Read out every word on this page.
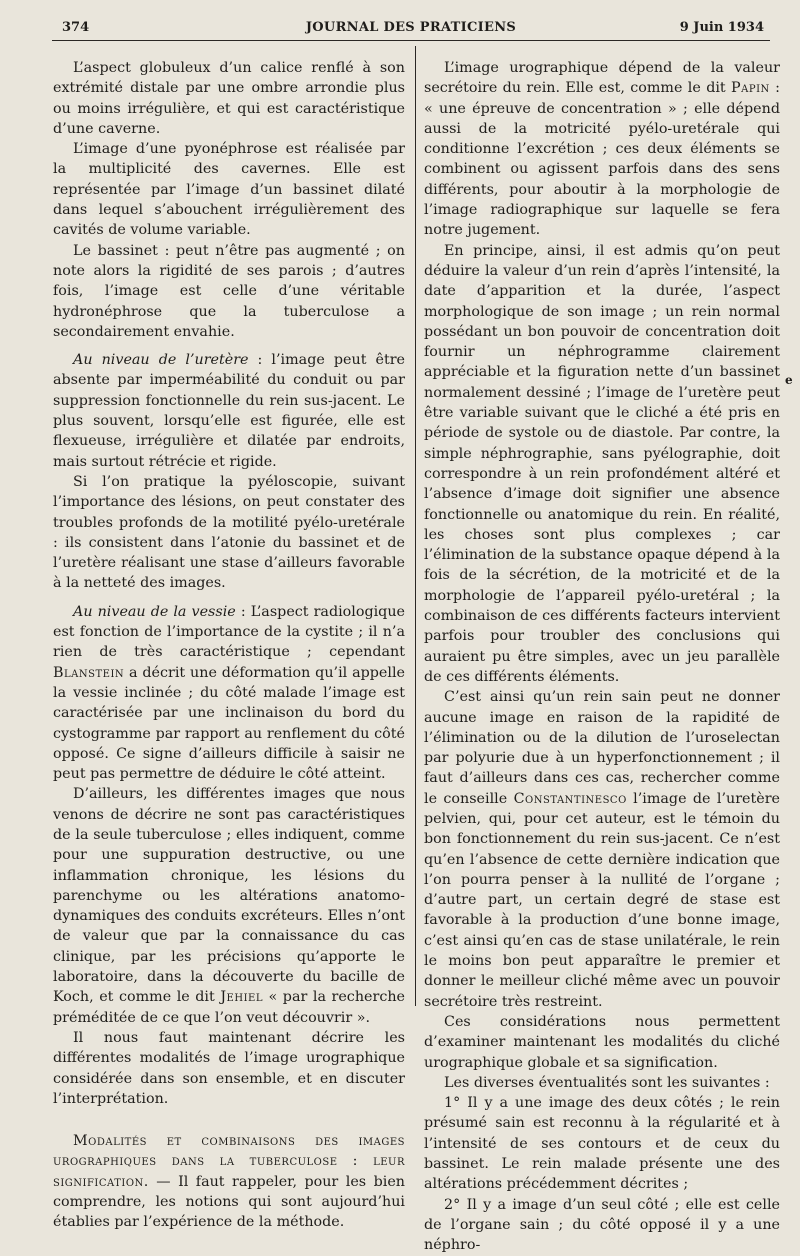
374	JOURNAL DES PRATICIENS	9 Juin 1934

L’aspect globuleux d’un calice renflé à son extrémité distale par une ombre arrondie plus ou moins irrégulière, et qui est caractéristique d’une caverne.

L’image d’une pyonéphrose est réalisée par la multiplicité des cavernes. Elle est représentée par l’image d’un bassinet dilaté dans lequel s’abouchent irrégulièrement des cavités de volume variable.

Le bassinet : peut n’être pas augmenté ; on note alors la rigidité de ses parois ; d’autres fois, l’image est celle d’une véritable hydronéphrose que la tuberculose a secondairement envahie.

Au niveau de l’uretère : l’image peut être absente par imperméabilité du conduit ou par suppression fonctionnelle du rein sus-jacent. Le plus souvent, lorsqu’elle est figurée, elle est flexueuse, irrégulière et dilatée par endroits, mais surtout rétrécie et rigide.

Si l’on pratique la pyéloscopie, suivant l’importance des lésions, on peut constater des troubles profonds de la motilité pyélo-uretérale : ils consistent dans l’atonie du bassinet et de l’uretère réalisant une stase d’ailleurs favorable à la netteté des images.

Au niveau de la vessie : L’aspect radiologique est fonction de l’importance de la cystite ; il n’a rien de très caractéristique ; cependant Blanstein a décrit une déformation qu’il appelle la vessie inclinée ; du côté malade l’image est caractérisée par une inclinaison du bord du cystogramme par rapport au renflement du côté opposé. Ce signe d’ailleurs difficile à saisir ne peut pas permettre de déduire le côté atteint.

D’ailleurs, les différentes images que nous venons de décrire ne sont pas caractéristiques de la seule tuberculose ; elles indiquent, comme pour une suppuration destructive, ou une inflammation chronique, les lésions du parenchyme ou les altérations anatomo-dynamiques des conduits excréteurs. Elles n’ont de valeur que par la connaissance du cas clinique, par les précisions qu’apporte le laboratoire, dans la découverte du bacille de Koch, et comme le dit Jehiel « par la recherche préméditée de ce que l’on veut découvrir ».

Il nous faut maintenant décrire les différentes modalités de l’image urographique considérée dans son ensemble, et en discuter l’interprétation.

Modalités et combinaisons des images urographiques dans la tuberculose : leur signification. — Il faut rappeler, pour les bien comprendre, les notions qui sont aujourd’hui établies par l’expérience de la méthode.

L’image urographique dépend de la valeur secrétoire du rein. Elle est, comme le dit Papin : « une épreuve de concentration » ; elle dépend aussi de la motricité pyélo-uretérale qui conditionne l’excrétion ; ces deux éléments se combinent ou agissent parfois dans des sens différents, pour aboutir à la morphologie de l’image radiographique sur laquelle se fera notre jugement.

En principe, ainsi, il est admis qu’on peut déduire la valeur d’un rein d’après l’intensité, la date d’apparition et la durée, l’aspect morphologique de son image ; un rein normal possédant un bon pouvoir de concentration doit fournir un néphrogramme clairement appréciable et la figuration nette d’un bassinet normalement dessiné ; l’image de l’uretère peut être variable suivant que le cliché a été pris en période de systole ou de diastole. Par contre, la simple néphrographie, sans pyélographie, doit correspondre à un rein profondément altéré et l’absence d’image doit signifier une absence fonctionnelle ou anatomique du rein. En réalité, les choses sont plus complexes ; car l’élimination de la substance opaque dépend à la fois de la sécrétion, de la motricité et de la morphologie de l’appareil pyélo-uretéral ; la combinaison de ces différents facteurs intervient parfois pour troubler des conclusions qui auraient pu être simples, avec un jeu parallèle de ces différents éléments.

C’est ainsi qu’un rein sain peut ne donner aucune image en raison de la rapidité de l’élimination ou de la dilution de l’uroselectan par polyurie due à un hyperfonctionnement ; il faut d’ailleurs dans ces cas, rechercher comme le conseille Constantinesco l’image de l’uretère pelvien, qui, pour cet auteur, est le témoin du bon fonctionnement du rein sus-jacent. Ce n’est qu’en l’absence de cette dernière indication que l’on pourra penser à la nullité de l’organe ; d’autre part, un certain degré de stase est favorable à la production d’une bonne image, c’est ainsi qu’en cas de stase unilatérale, le rein le moins bon peut apparaître le premier et donner le meilleur cliché même avec un pouvoir secrétoire très restreint.

Ces considérations nous permettent d’examiner maintenant les modalités du cliché urographique globale et sa signification.

Les diverses éventualités sont les suivantes :

1° Il y a une image des deux côtés ; le rein présumé sain est reconnu à la régularité et à l’intensité de ses contours et de ceux du bassinet. Le rein malade présente une des altérations précédemment décrites ;

2° Il y a image d’un seul côté ; elle est celle de l’organe sain ; du côté opposé il y a une néphro-

e
